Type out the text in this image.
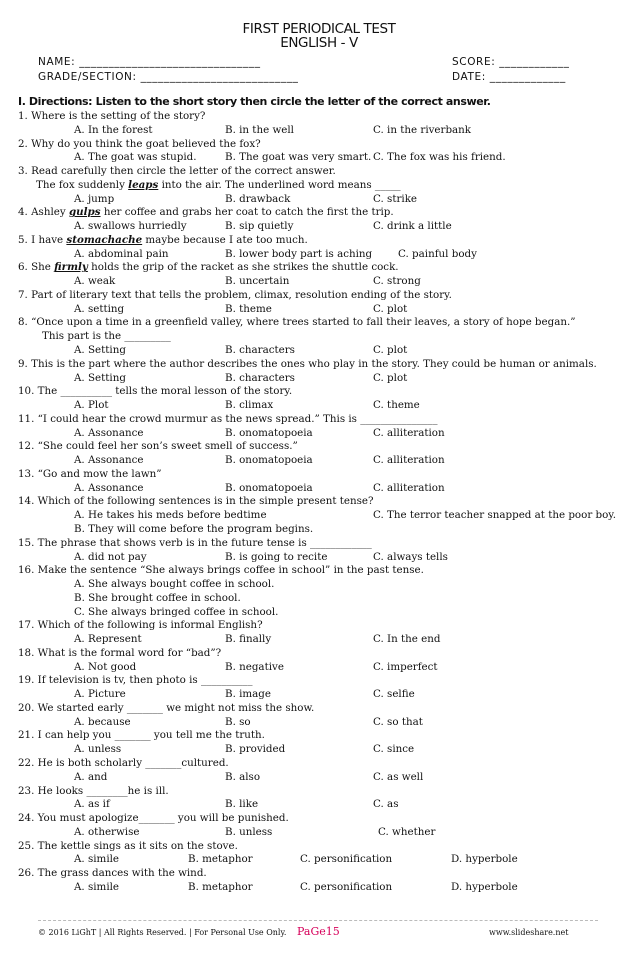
FIRST PERIODICAL TEST
ENGLISH - V
NAME: _______________________________	SCORE: ____________
GRADE/SECTION: ___________________________	DATE: _____________
I. Directions: Listen to the short story then circle the letter of the correct answer.
1. Where is the setting of the story?
A. In the forest	B. in the well	C. in the riverbank
2. Why do you think the goat believed the fox?
A. The goat was stupid.	B. The goat was very smart. C. The fox was his friend.
3. Read carefully then circle the letter of the correct answer.
The fox suddenly leaps into the air. The underlined word means _____
A. jump	B. drawback	C. strike
4. Ashley gulps her coffee and grabs her coat to catch the first the trip.
A. swallows hurriedly	B. sip quietly	C. drink a little
5. I have stomachache maybe because I ate too much.
A. abdominal pain	B. lower body part is aching	C. painful body
6. She firmly holds the grip of the racket as she strikes the shuttle cock.
A. weak	B. uncertain	C. strong
7. Part of literary text that tells the problem, climax, resolution ending of the story.
A. setting	B. theme	C. plot
8. “Once upon a time in a greenfield valley, where trees started to fall their leaves, a story of hope began.”
This part is the _________
A. Setting	B. characters	C. plot
9. This is the part where the author describes the ones who play in the story. They could be human or animals.
A. Setting	B. characters	C. plot
10. The __________ tells the moral lesson of the story.
A. Plot	B. climax	C. theme
11. “I could hear the crowd murmur as the news spread.” This is _______________
A. Assonance	B. onomatopoeia	C. alliteration
12. “She could feel her son’s sweet smell of success.”
A. Assonance	B. onomatopoeia	C. alliteration
13. “Go and mow the lawn”
A. Assonance	B. onomatopoeia	C. alliteration
14. Which of the following sentences is in the simple present tense?
A. He takes his meds before bedtime	C. The terror teacher snapped at the poor boy.
B. They will come before the program begins.
15. The phrase that shows verb is in the future tense is ____________
A. did not pay	B. is going to recite	C. always tells
16. Make the sentence “She always brings coffee in school” in the past tense.
A. She always bought coffee in school.
B. She brought coffee in school.
C. She always bringed coffee in school.
17. Which of the following is informal English?
A. Represent	B. finally	C. In the end
18. What is the formal word for “bad”?
A. Not good	B. negative	C. imperfect
19. If television is tv, then photo is __________
A. Picture	B. image	C. selfie
20. We started early _______ we might not miss the show.
A. because	B. so	C. so that
21. I can help you _______ you tell me the truth.
A. unless	B. provided	C. since
22. He is both scholarly _______cultured.
A. and	B. also	C. as well
23. He looks ________he is ill.
A. as if	B. like	C. as
24. You must apologize_______ you will be punished.
A. otherwise	B. unless	C. whether
25. The kettle sings as it sits on the stove.
A. simile	B. metaphor	C. personification	D. hyperbole
26. The grass dances with the wind.
A. simile	B. metaphor	C. personification	D. hyperbole
© 2016 LiGhT | All Rights Reserved. | For Personal Use Only. PaGe15	www.slideshare.net
